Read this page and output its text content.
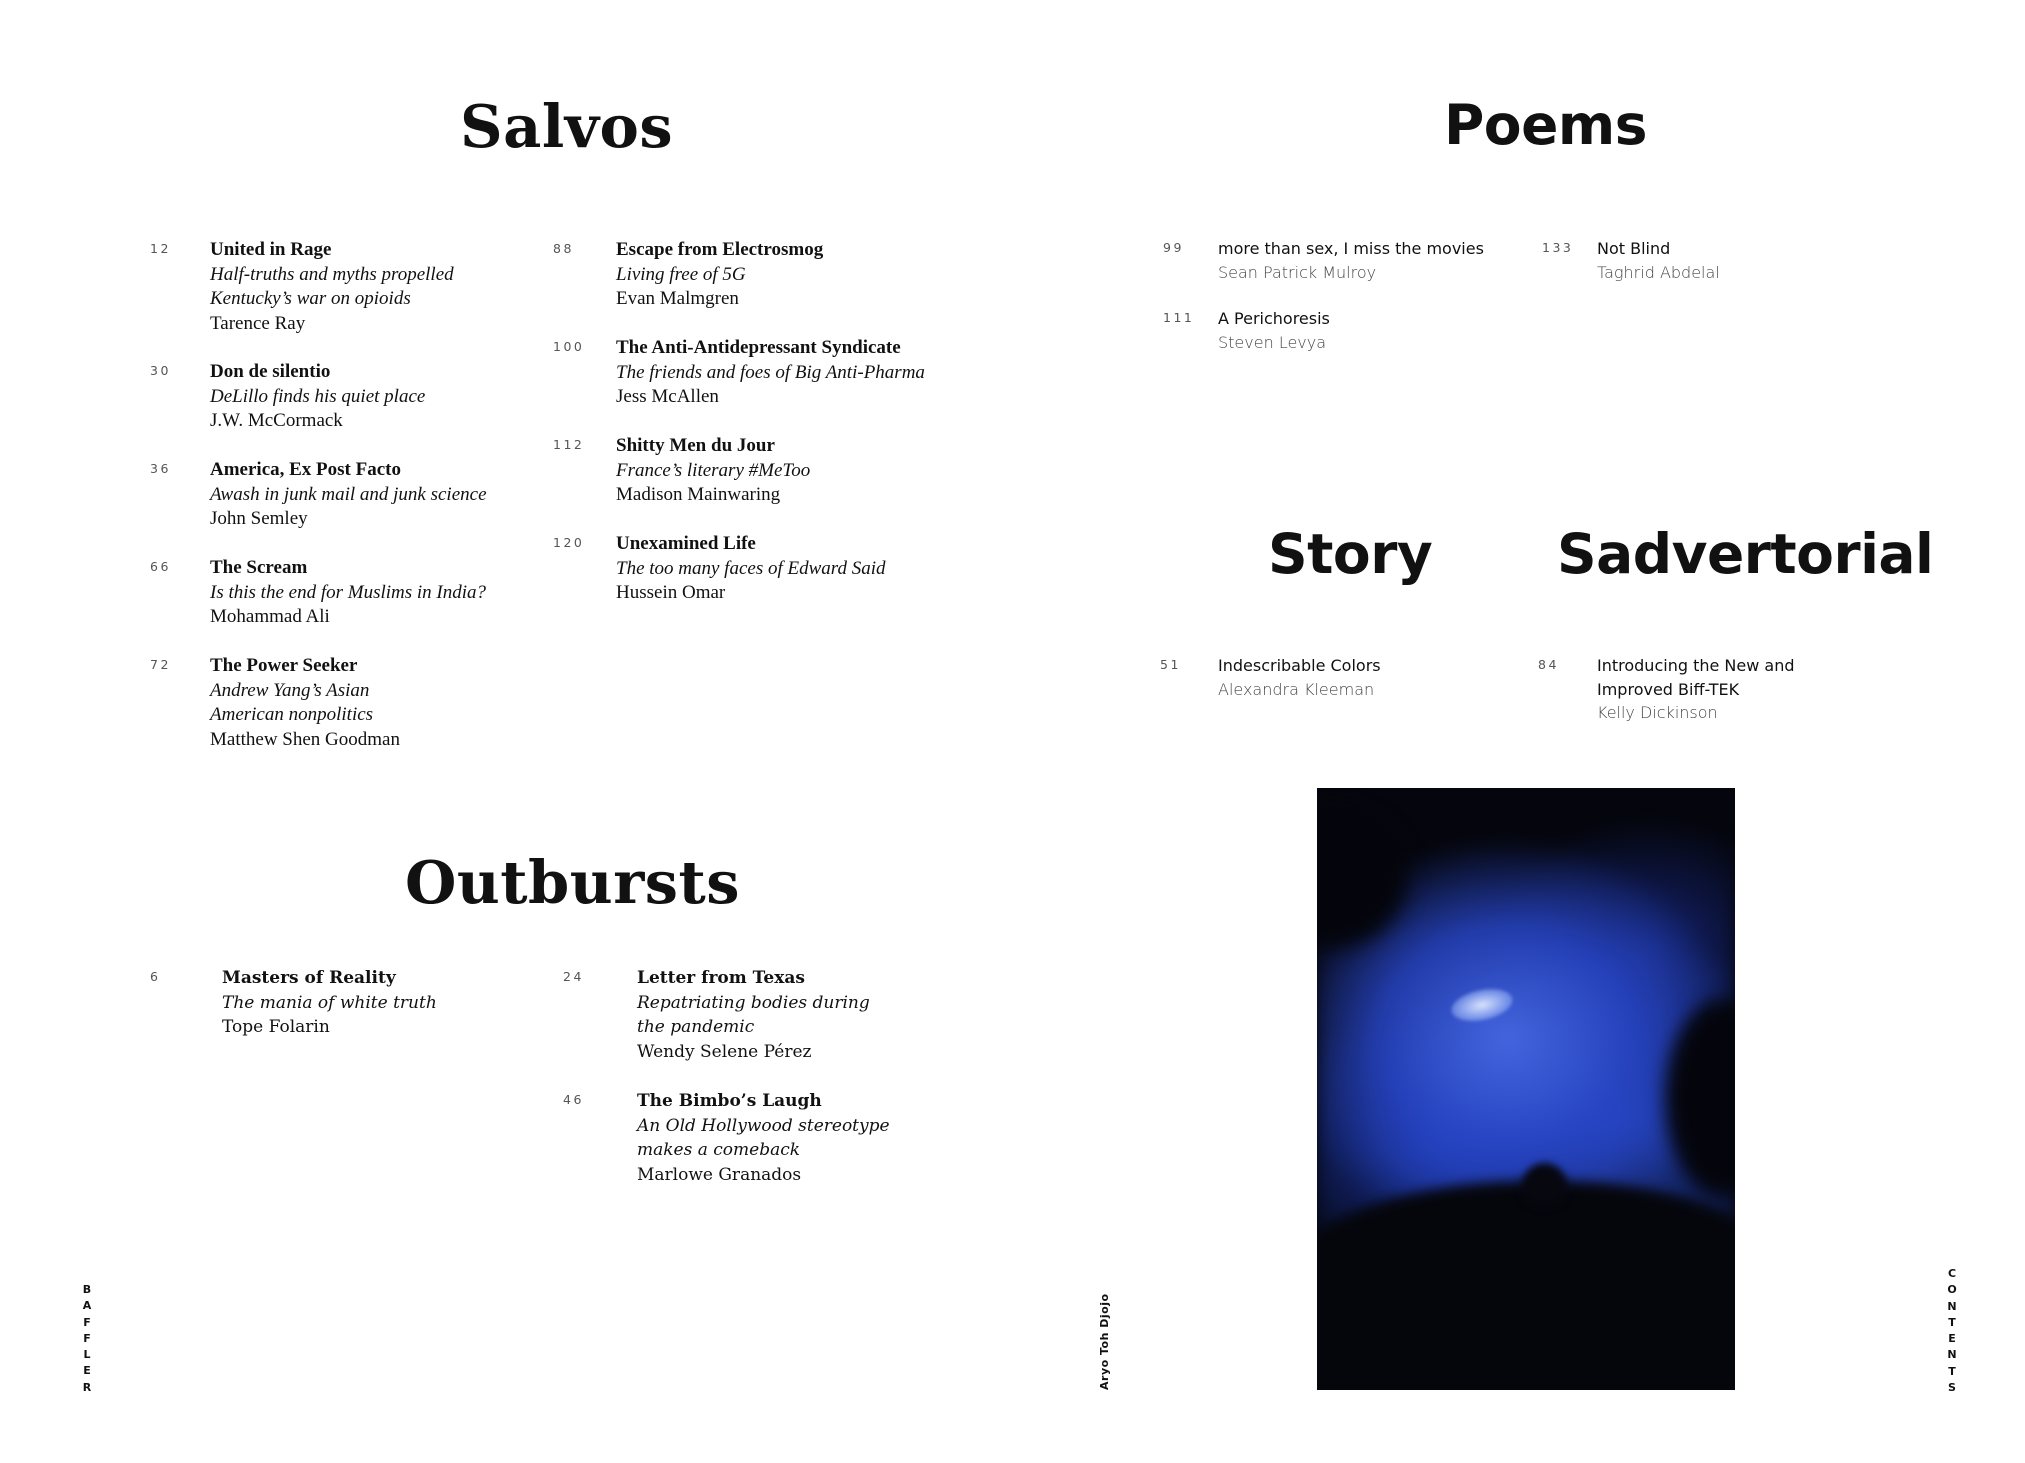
Salvos
Outbursts
Poems
Story Sadvertorial
12 United in Rage
Half-truths and myths propelled
Kentucky’s war on opioids
Tarence Ray
30 Don de silentio
DeLillo finds his quiet place
J.W. McCormack
36 America, Ex Post Facto
Awash in junk mail and junk science
John Semley
66 The Scream
Is this the end for Muslims in India?
Mohammad Ali
72 The Power Seeker
Andrew Yang’s Asian
American nonpolitics
Matthew Shen Goodman
88 Escape from Electrosmog
Living free of 5G
Evan Malmgren
100 The Anti-Antidepressant Syndicate
The friends and foes of Big Anti-Pharma
Jess McAllen
112 Shitty Men du Jour
France’s literary #MeToo
Madison Mainwaring
120 Unexamined Life
The too many faces of Edward Said
Hussein Omar
6	Masters of Reality
The mania of white truth
Tope Folarin
24	Letter from Texas
Repatriating bodies during
the pandemic
Wendy Selene Pérez
46	The Bimbo’s Laugh
An Old Hollywood stereotype
makes a comeback
Marlowe Granados
99 more than sex, I miss the movies
Sean Patrick Mulroy
111 A Perichoresis
Steven Levya
133 Not Blind
Taghrid Abdelal
51 Indescribable Colors
Alexandra Kleeman
84 Introducing the New and
Improved Biff-TEK
Kelly Dickinson
B
A
F
F
L
E
R
C
O
N
T
E
N
T
S
Aryo Toh Djojo
